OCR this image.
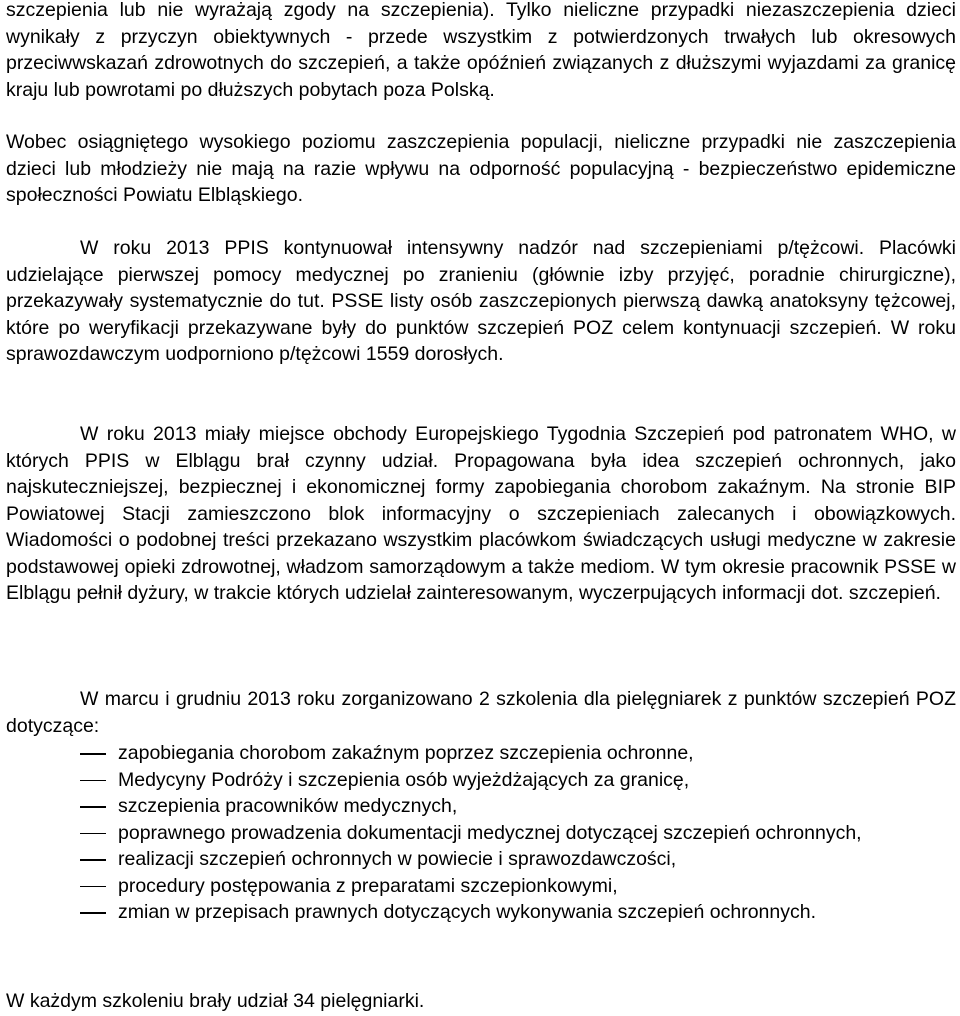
szczepienia lub nie wyrażają zgody na szczepienia). Tylko nieliczne przypadki niezaszczepienia dzieci wynikały z przyczyn obiektywnych - przede wszystkim z potwierdzonych trwałych lub okresowych przeciwwskazań zdrowotnych do szczepień, a także opóźnień związanych z dłuższymi wyjazdami za granicę kraju lub powrotami po dłuższych pobytach poza Polską.

Wobec osiągniętego wysokiego poziomu zaszczepienia populacji, nieliczne przypadki nie zaszczepienia dzieci lub młodzieży nie mają na razie wpływu na odporność populacyjną - bezpieczeństwo epidemiczne społeczności Powiatu Elbląskiego.

W roku 2013 PPIS kontynuował intensywny nadzór nad szczepieniami p/tężcowi. Placówki udzielające pierwszej pomocy medycznej po zranieniu (głównie izby przyjęć, poradnie chirurgiczne), przekazywały systematycznie do tut. PSSE listy osób zaszczepionych pierwszą dawką anatoksyny tężcowej, które po weryfikacji przekazywane były do punktów szczepień POZ celem kontynuacji szczepień. W roku sprawozdawczym uodporniono p/tężcowi 1559 dorosłych.

W roku 2013 miały miejsce obchody Europejskiego Tygodnia Szczepień pod patronatem WHO, w których PPIS w Elblągu brał czynny udział. Propagowana była idea szczepień ochronnych, jako najskuteczniejszej, bezpiecznej i ekonomicznej formy zapobiegania chorobom zakaźnym. Na stronie BIP Powiatowej Stacji zamieszczono blok informacyjny o szczepieniach zalecanych i obowiązkowych. Wiadomości o podobnej treści przekazano wszystkim placówkom świadczących usługi medyczne w zakresie podstawowej opieki zdrowotnej, władzom samorządowym a także mediom. W tym okresie pracownik PSSE w Elblągu pełnił dyżury, w trakcie których udzielał zainteresowanym, wyczerpujących informacji dot. szczepień.

W marcu i grudniu 2013 roku zorganizowano 2 szkolenia dla pielęgniarek z punktów szczepień POZ dotyczące:

zapobiegania chorobom zakaźnym poprzez szczepienia ochronne,
Medycyny Podróży i szczepienia osób wyjeżdżających za granicę,
szczepienia pracowników medycznych,
poprawnego prowadzenia dokumentacji medycznej dotyczącej szczepień ochronnych,
realizacji szczepień ochronnych w powiecie i sprawozdawczości,
procedury postępowania z preparatami szczepionkowymi,
zmian w przepisach prawnych dotyczących wykonywania szczepień ochronnych.

W każdym szkoleniu brały udział 34 pielęgniarki.
